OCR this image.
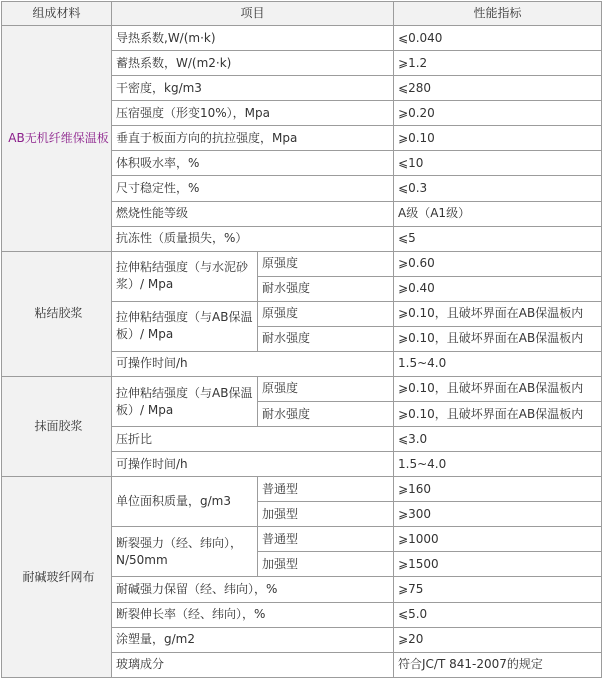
组成材料	项目		性能指标
AB无机纤维保温板	导热系数,W/(m·k)		⩽0.040
	蓄热系数，W/(m2·k)		⩾1.2
	干密度，kg/m3		⩽280
	压宿强度（形变10%），Mpa		⩾0.20
	垂直于板面方向的抗拉强度，Mpa		⩾0.10
	体积吸水率，%		⩽10
	尺寸稳定性，%		⩽0.3
	燃烧性能等级		A级（A1级）
	抗冻性（质量损失，%）		⩽5
粘结胶浆	拉伸粘结强度（与水泥砂浆）/ Mpa	原强度	⩾0.60
		耐水强度	⩾0.40
	拉伸粘结强度（与AB保温板）/ Mpa	原强度	⩾0.10，且破坏界面在AB保温板内
		耐水强度	⩾0.10，且破坏界面在AB保温板内
	可操作时间/h		1.5~4.0
抹面胶浆	拉伸粘结强度（与AB保温板）/ Mpa	原强度	⩾0.10，且破坏界面在AB保温板内
		耐水强度	⩾0.10，且破坏界面在AB保温板内
	压折比		⩽3.0
	可操作时间/h		1.5~4.0
耐碱玻纤网布	单位面积质量，g/m3	普通型	⩾160
		加强型	⩾300
	断裂强力（经、纬向），N/50mm	普通型	⩾1000
		加强型	⩾1500
	耐碱强力保留（经、纬向），%		⩾75
	断裂伸长率（经、纬向），%		⩽5.0
	涂塑量，g/m2		⩾20
	玻璃成分		符合JC/T 841-2007的规定
